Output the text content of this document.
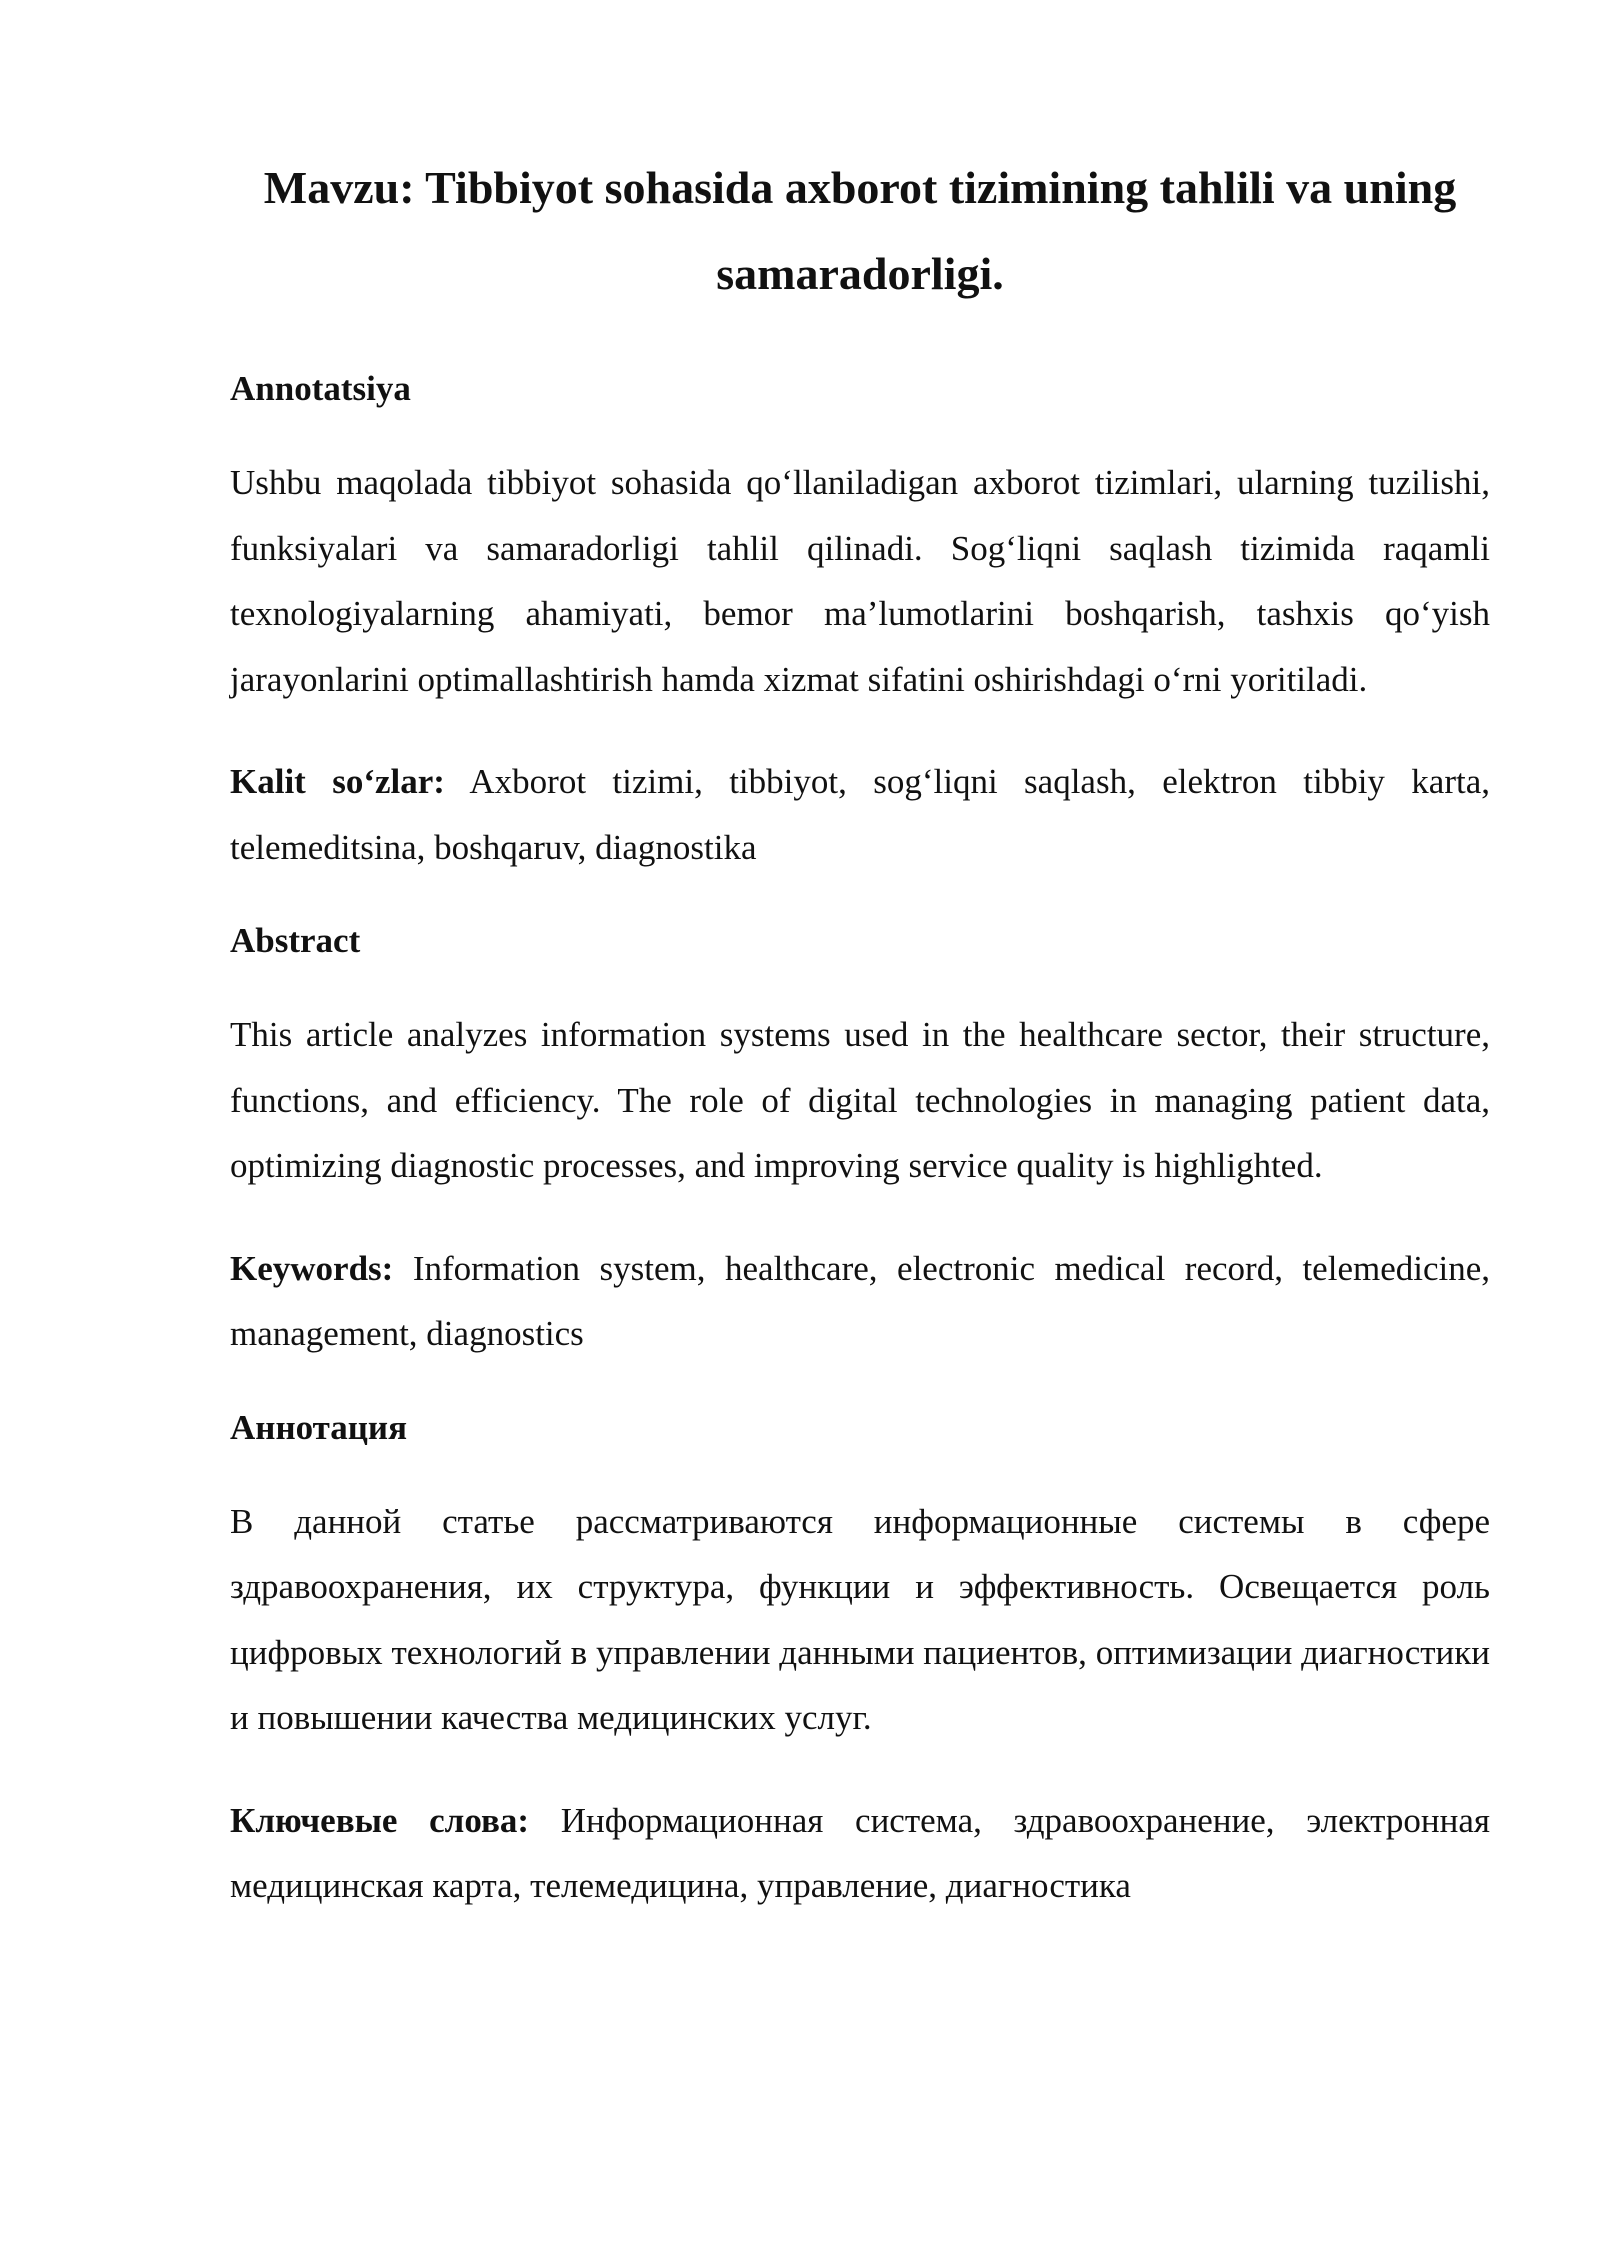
Mavzu: Tibbiyot sohasida axborot tizimining tahlili va uning samaradorligi.
Annotatsiya

Ushbu maqolada tibbiyot sohasida qo‘llaniladigan axborot tizimlari, ularning tuzilishi, funksiyalari va samaradorligi tahlil qilinadi. Sog‘liqni saqlash tizimida raqamli texnologiyalarning ahamiyati, bemor ma’lumotlarini boshqarish, tashxis qo‘yish jarayonlarini optimallashtirish hamda xizmat sifatini oshirishdagi o‘rni yoritiladi.

Kalit so‘zlar: Axborot tizimi, tibbiyot, sog‘liqni saqlash, elektron tibbiy karta, telemeditsina, boshqaruv, diagnostika

Abstract

This article analyzes information systems used in the healthcare sector, their structure, functions, and efficiency. The role of digital technologies in managing patient data, optimizing diagnostic processes, and improving service quality is highlighted.

Keywords: Information system, healthcare, electronic medical record, telemedicine, management, diagnostics

Аннотация

В данной статье рассматриваются информационные системы в сфере здравоохранения, их структура, функции и эффективность. Освещается роль цифровых технологий в управлении данными пациентов, оптимизации диагностики и повышении качества медицинских услуг.

Ключевые слова: Информационная система, здравоохранение, электронная медицинская карта, телемедицина, управление, диагностика
